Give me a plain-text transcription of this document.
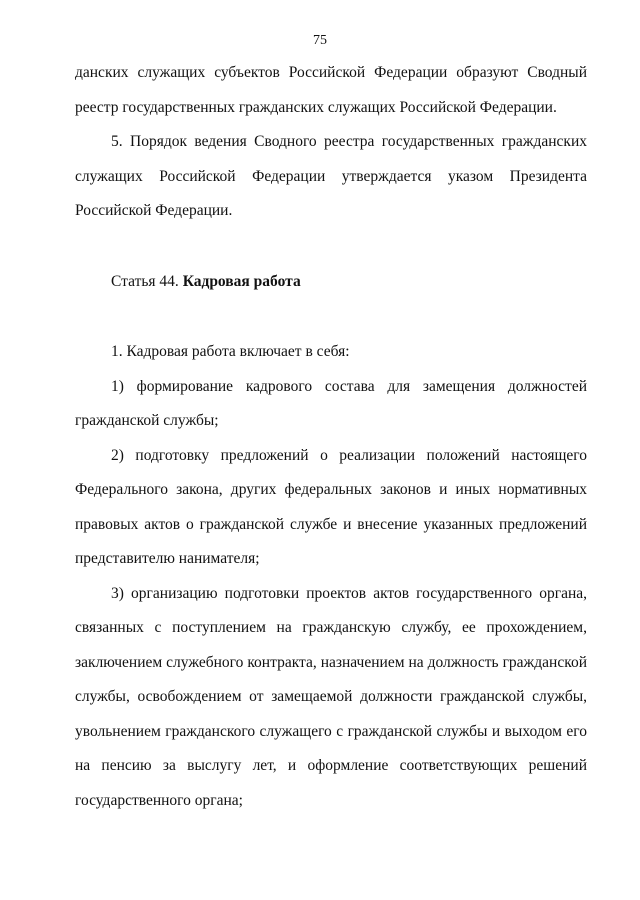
75

данских служащих субъектов Российской Федерации образуют Сводный реестр государственных гражданских служащих Российской Федерации.

5. Порядок ведения Сводного реестра государственных гражданских служащих Российской Федерации утверждается указом Президента Российской Федерации.

Статья 44. Кадровая работа

1. Кадровая работа включает в себя:

1) формирование кадрового состава для замещения должностей гражданской службы;

2) подготовку предложений о реализации положений настоящего Федерального закона, других федеральных законов и иных нормативных правовых актов о гражданской службе и внесение указанных предложений представителю нанимателя;

3) организацию подготовки проектов актов государственного органа, связанных с поступлением на гражданскую службу, ее прохождением, заключением служебного контракта, назначением на должность гражданской службы, освобождением от замещаемой должности гражданской службы, увольнением гражданского служащего с гражданской службы и выходом его на пенсию за выслугу лет, и оформление соответствующих решений государственного органа;
